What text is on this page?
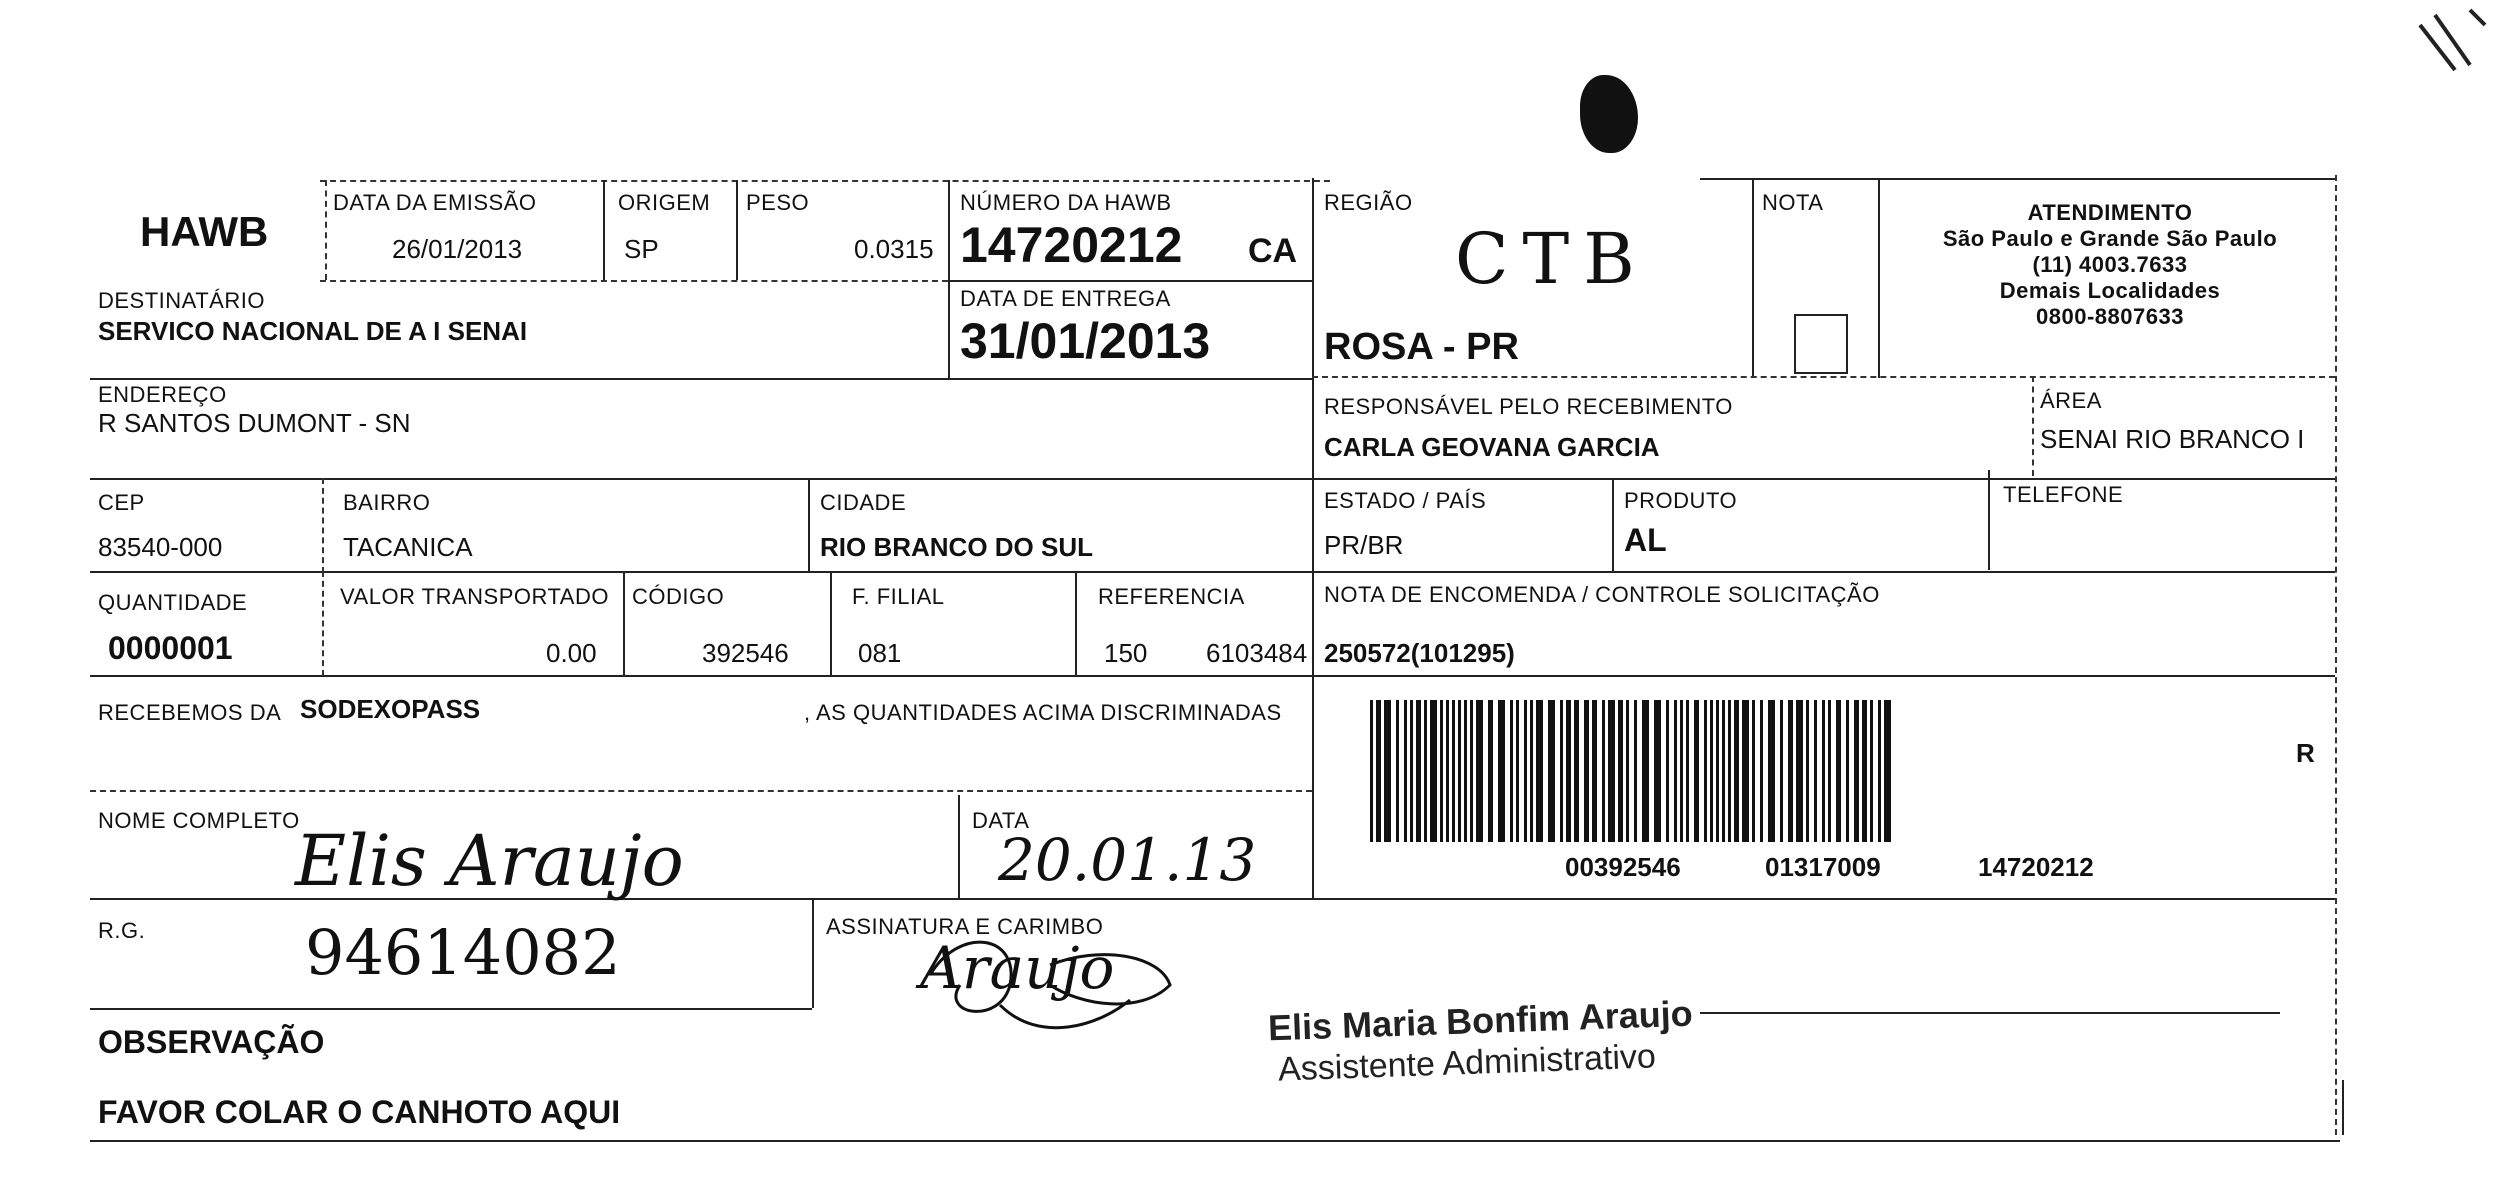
HAWB
DATA DA EMISSÃO
26/01/2013
ORIGEM
SP
PESO
0.0315
NÚMERO DA HAWB
14720212 CA
REGIÃO
CTB
ROSA - PR
NOTA	ATENDIMENTO
São Paulo e Grande São Paulo
(11) 4003.7633
Demais Localidades
0800-8807633
DESTINATÁRIO
SERVICO NACIONAL DE A I SENAI
DATA DE ENTREGA
31/01/2013
ENDEREÇO
R SANTOS DUMONT - SN
RESPONSÁVEL PELO RECEBIMENTO
CARLA GEOVANA GARCIA
ÁREA
SENAI RIO BRANCO I
CEP
83540-000
BAIRRO
TACANICA
CIDADE
RIO BRANCO DO SUL
ESTADO / PAÍS
PR/BR
PRODUTO
AL
TELEFONE
QUANTIDADE
0000001
VALOR TRANSPORTADO
0.00
CÓDIGO
392546
F. FILIAL
081
REFERENCIA
150 6103484
NOTA DE ENCOMENDA / CONTROLE SOLICITAÇÃO
250572(101295)
RECEBEMOS DA SODEXOPASS	, AS QUANTIDADES ACIMA DISCRIMINADAS
NOME COMPLETO
Elis Araujo	DATA
20.01.13
R.G.	94614082	ASSINATURA E CARIMBO
Araujo
R
00392546	01317009	14720212
Elis Maria Bonfim Araujo
Assistente Administrativo
OBSERVAÇÃO
FAVOR COLAR O CANHOTO AQUI
